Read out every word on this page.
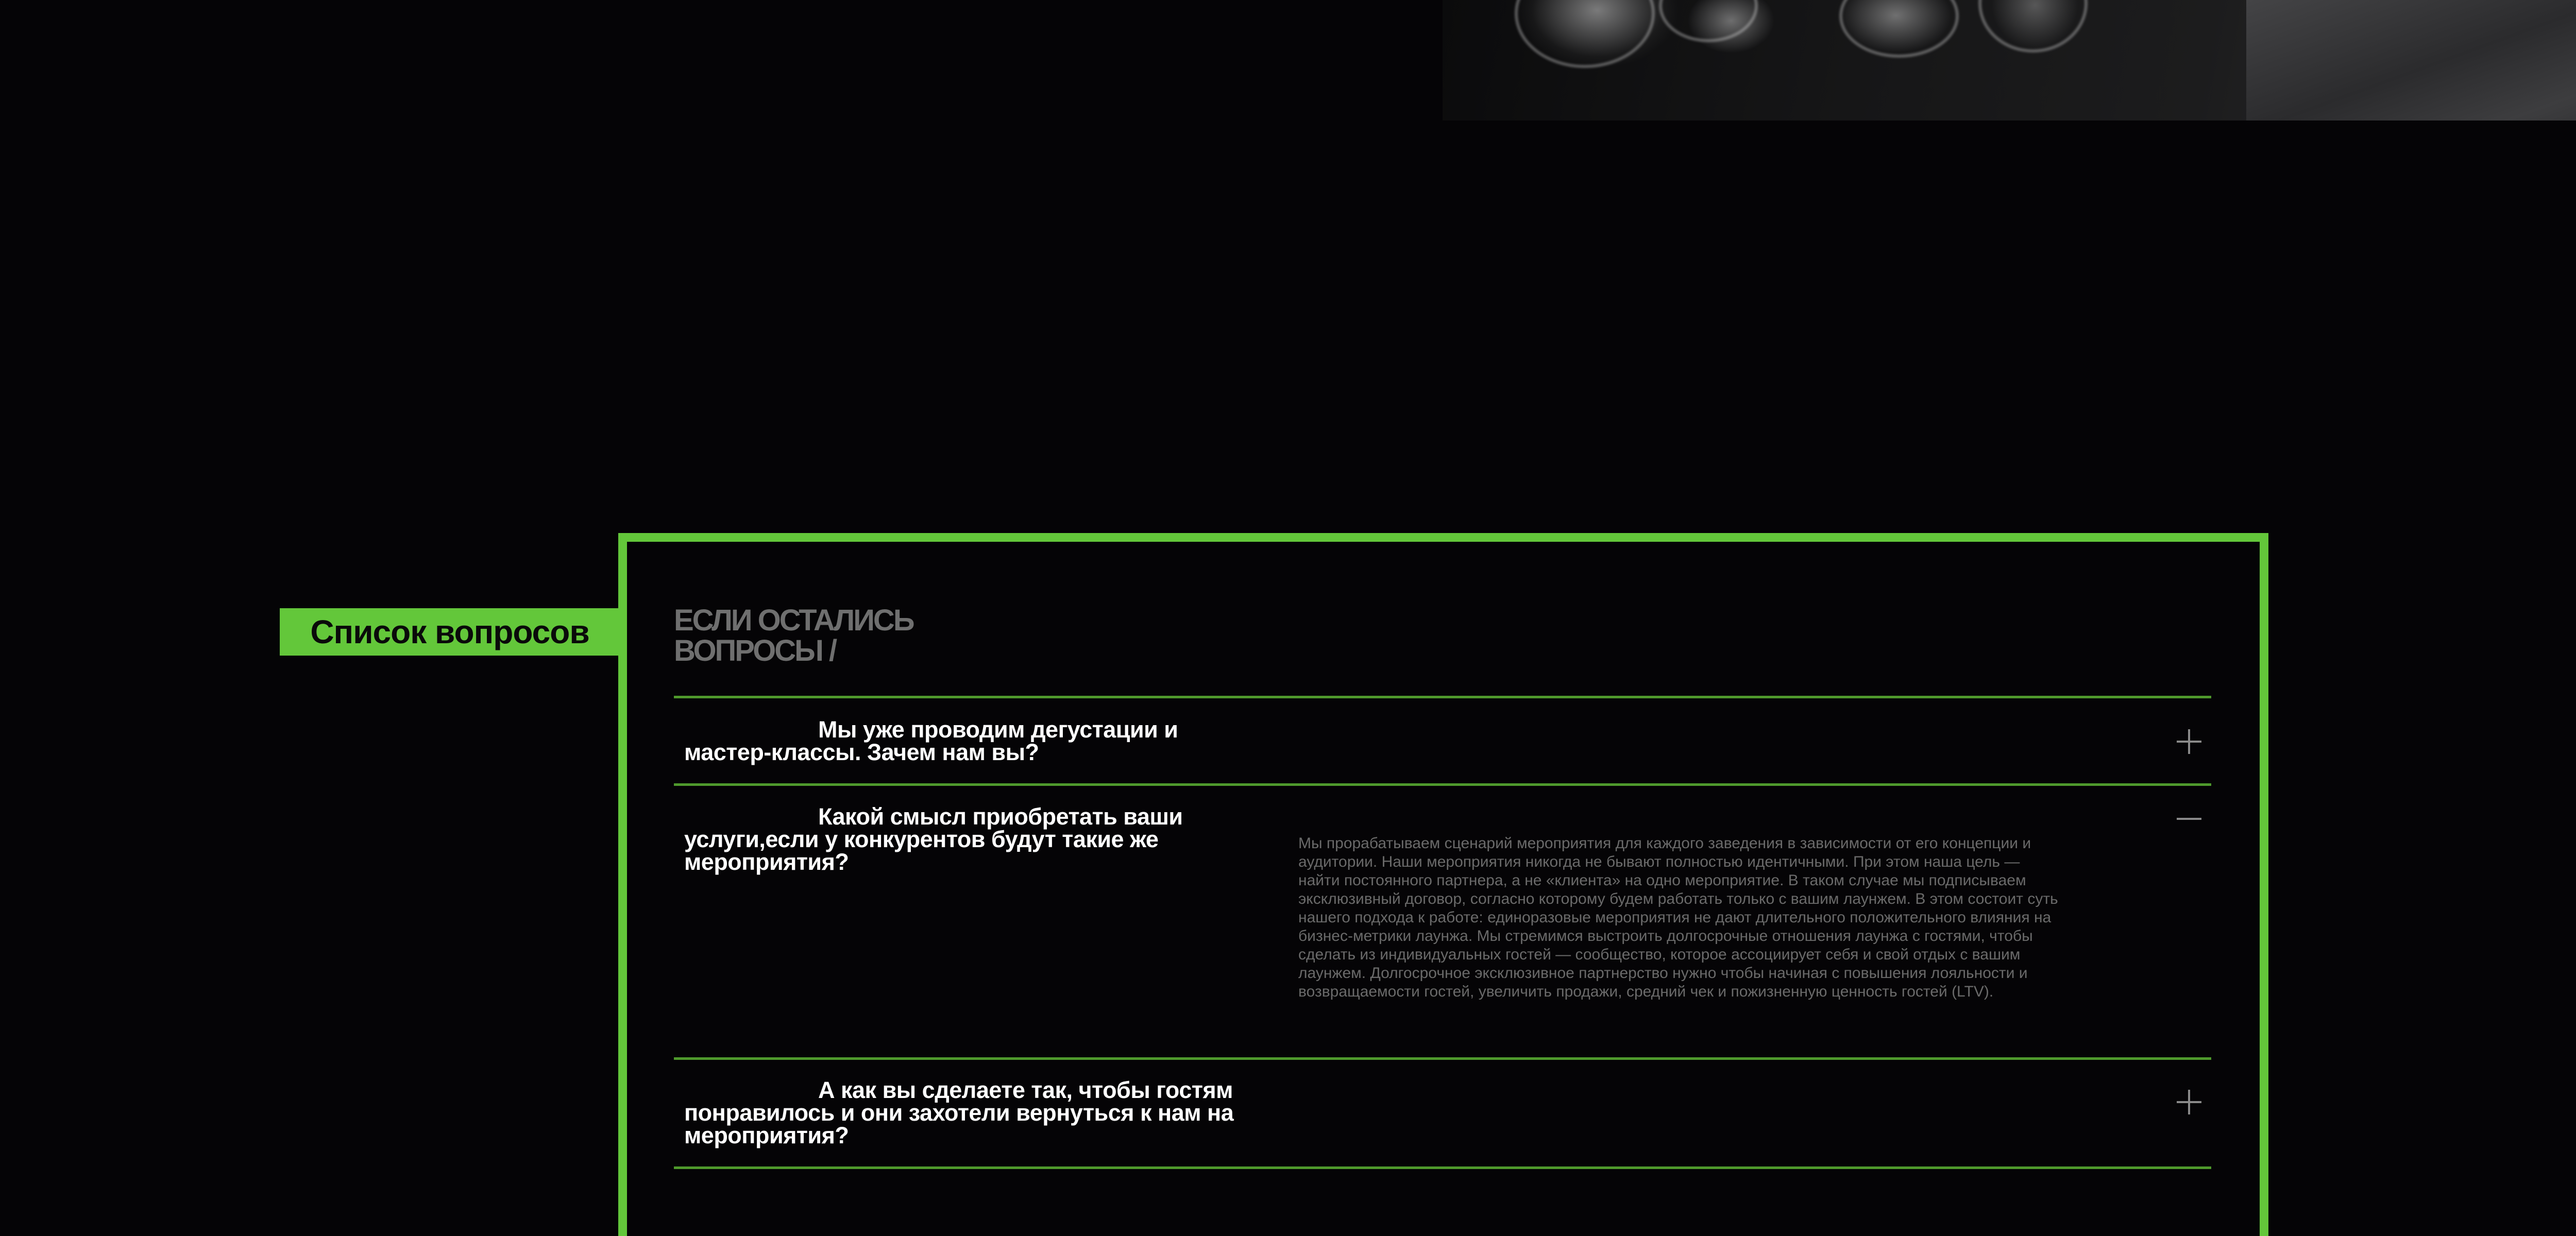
Список вопросов	ЕСЛИ ОСТАЛИСЬ
ВОПРОСЫ /
Мы уже проводим дегустации и мастер-классы. Зачем нам вы?
Какой смысл приобретать ваши услуги,если у конкурентов будут такие же мероприятия?
Мы прорабатываем сценарий мероприятия для каждого заведения в зависимости от его концепции и аудитории. Наши мероприятия никогда не бывают полностью идентичными. При этом наша цель — найти постоянного партнера, а не «клиента» на одно мероприятие. В таком случае мы подписываем эксклюзивный договор, согласно которому будем работать только с вашим лаунжем. В этом состоит суть нашего подхода к работе: единоразовые мероприятия не дают длительного положительного влияния на бизнес-метрики лаунжа. Мы стремимся выстроить долгосрочные отношения лаунжа с гостями, чтобы сделать из индивидуальных гостей — сообщество, которое ассоциирует себя и свой отдых с вашим лаунжем. Долгосрочное эксклюзивное партнерство нужно чтобы начиная с повышения лояльности и возвращаемости гостей, увеличить продажи, средний чек и пожизненную ценность гостей (LTV).
А как вы сделаете так, чтобы гостям понравилось и они захотели вернуться к нам на мероприятия?
